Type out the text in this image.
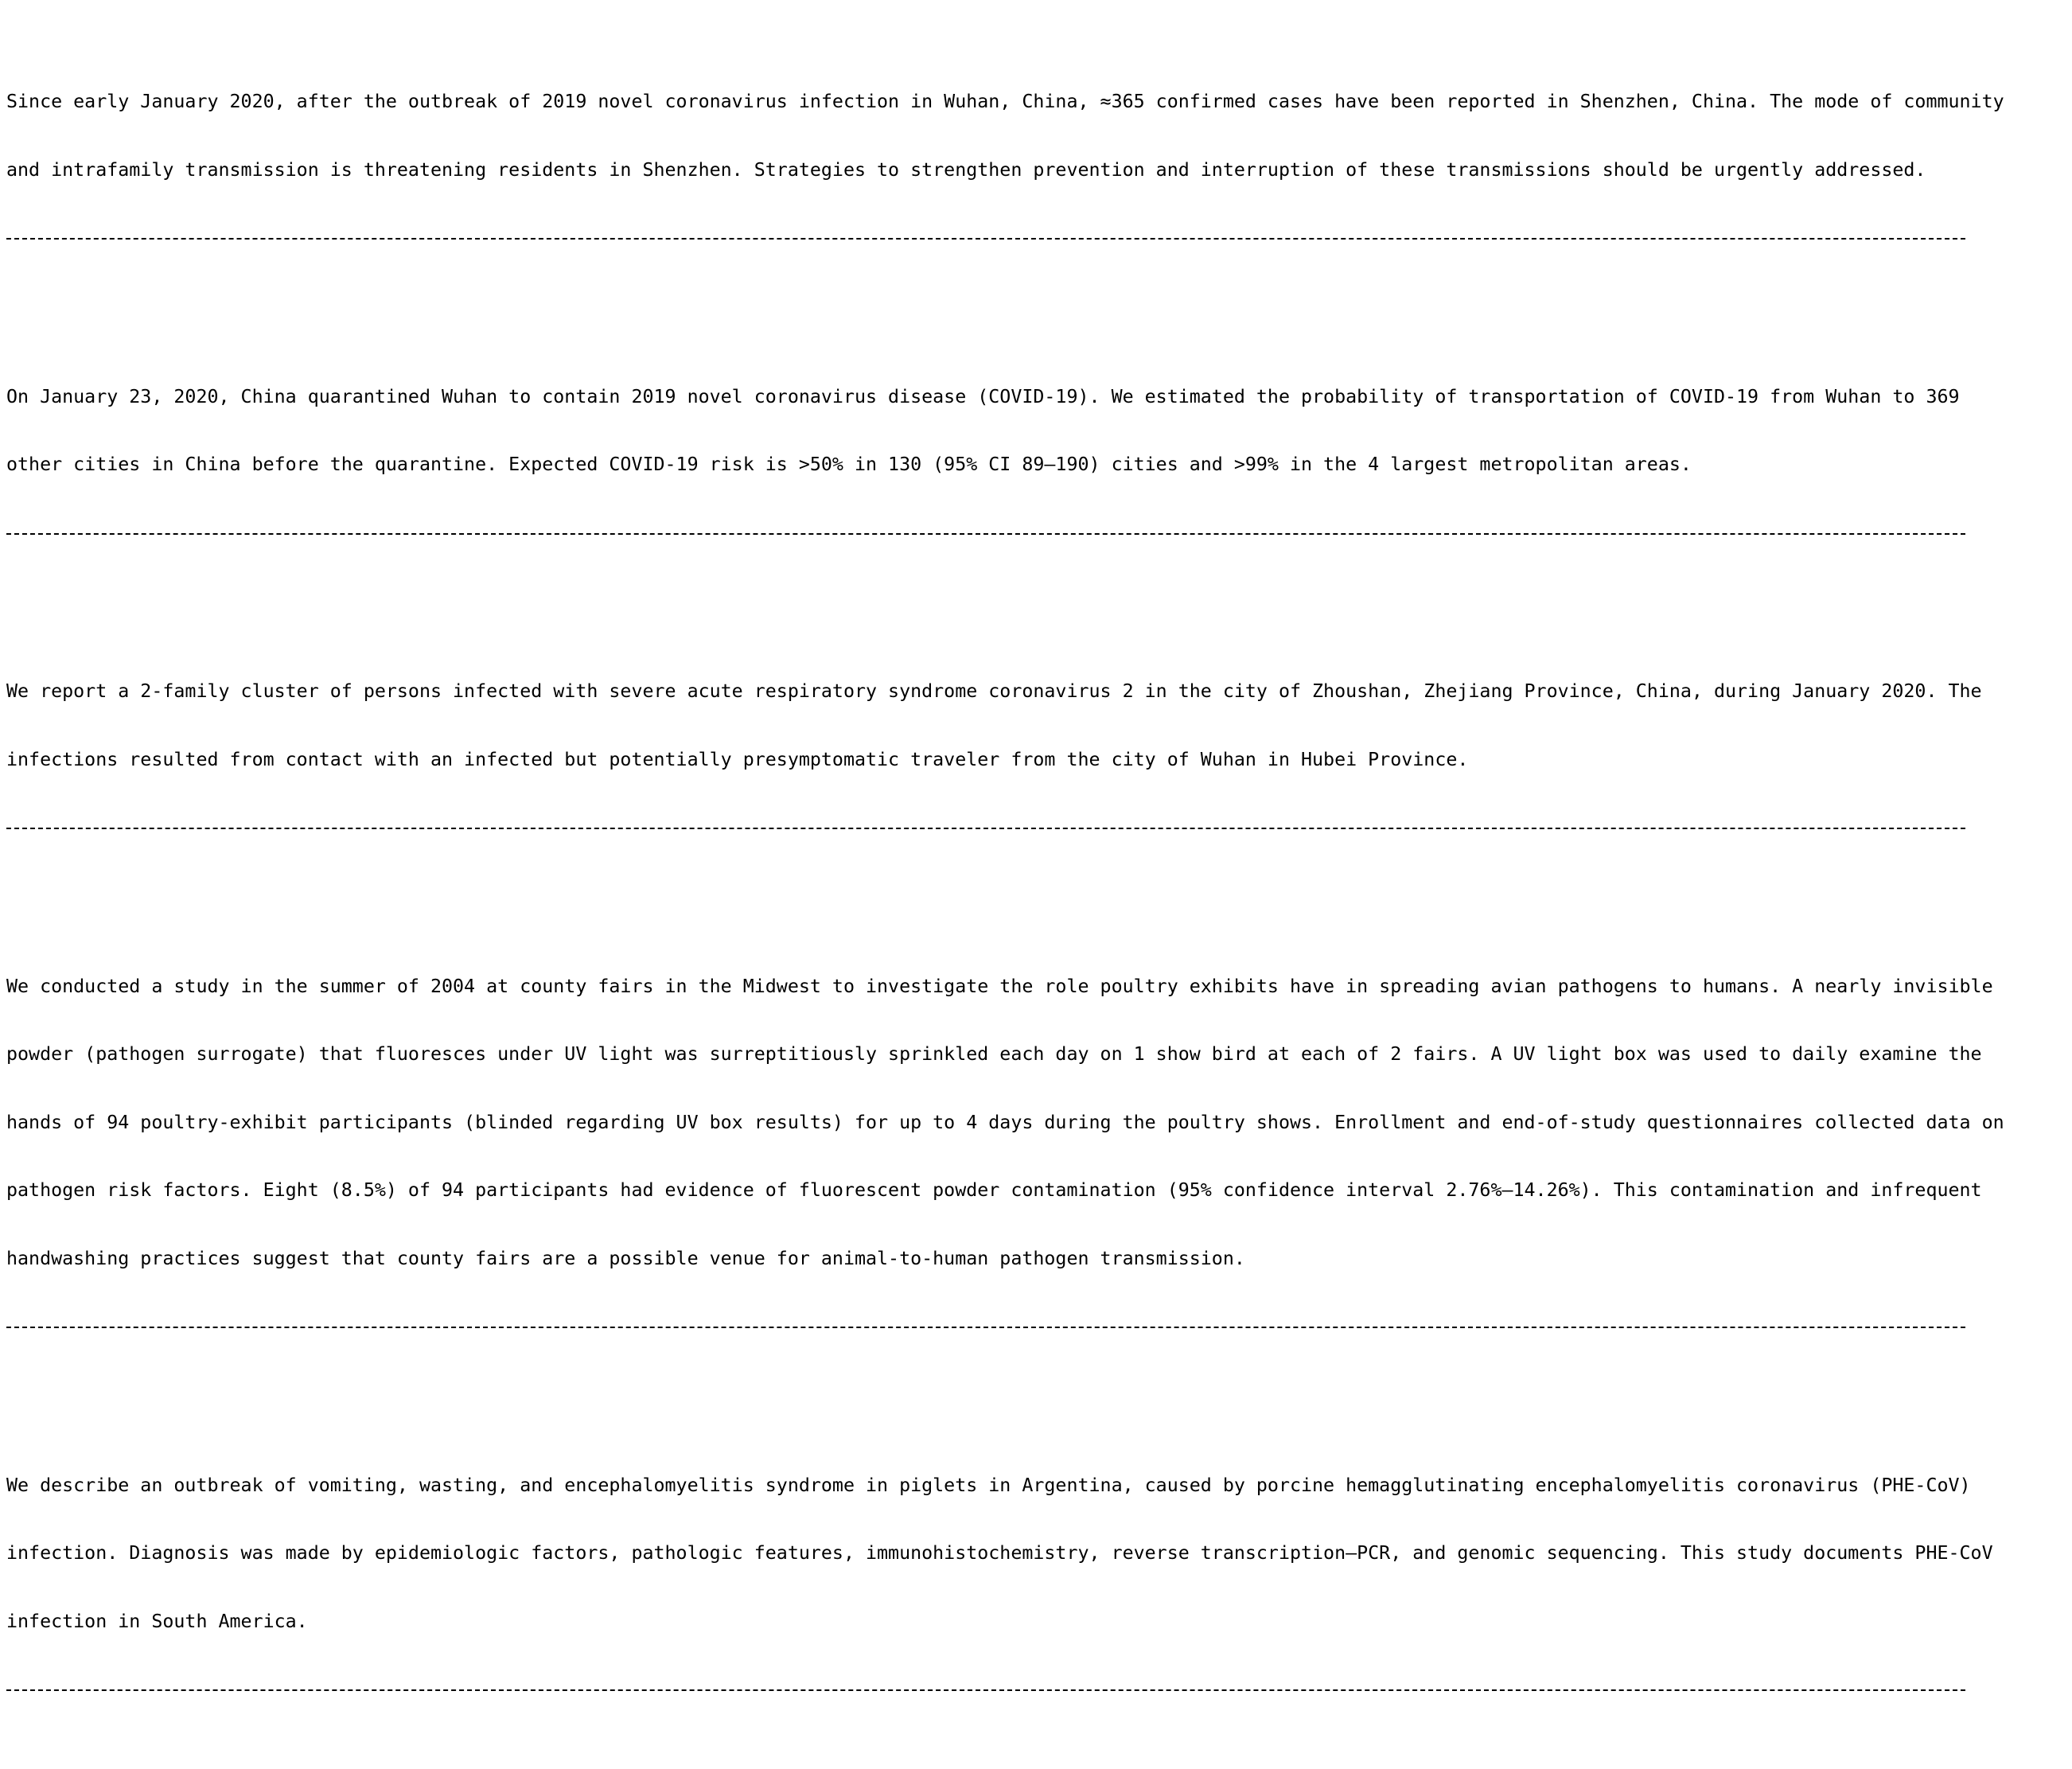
Since early January 2020, after the outbreak of 2019 novel coronavirus infection in Wuhan, China, ≈365 confirmed cases have been reported in Shenzhen, China. The mode of community

and intrafamily transmission is threatening residents in Shenzhen. Strategies to strengthen prevention and interruption of these transmissions should be urgently addressed.

On January 23, 2020, China quarantined Wuhan to contain 2019 novel coronavirus disease (COVID-19). We estimated the probability of transportation of COVID-19 from Wuhan to 369

other cities in China before the quarantine. Expected COVID-19 risk is >50% in 130 (95% CI 89–190) cities and >99% in the 4 largest metropolitan areas.

We report a 2-family cluster of persons infected with severe acute respiratory syndrome coronavirus 2 in the city of Zhoushan, Zhejiang Province, China, during January 2020. The

infections resulted from contact with an infected but potentially presymptomatic traveler from the city of Wuhan in Hubei Province.

We conducted a study in the summer of 2004 at county fairs in the Midwest to investigate the role poultry exhibits have in spreading avian pathogens to humans. A nearly invisible

powder (pathogen surrogate) that fluoresces under UV light was surreptitiously sprinkled each day on 1 show bird at each of 2 fairs. A UV light box was used to daily examine the

hands of 94 poultry-exhibit participants (blinded regarding UV box results) for up to 4 days during the poultry shows. Enrollment and end-of-study questionnaires collected data on

pathogen risk factors. Eight (8.5%) of 94 participants had evidence of fluorescent powder contamination (95% confidence interval 2.76%–14.26%). This contamination and infrequent

handwashing practices suggest that county fairs are a possible venue for animal-to-human pathogen transmission.

We describe an outbreak of vomiting, wasting, and encephalomyelitis syndrome in piglets in Argentina, caused by porcine hemagglutinating encephalomyelitis coronavirus (PHE-CoV)

infection. Diagnosis was made by epidemiologic factors, pathologic features, immunohistochemistry, reverse transcription–PCR, and genomic sequencing. This study documents PHE-CoV

infection in South America.
